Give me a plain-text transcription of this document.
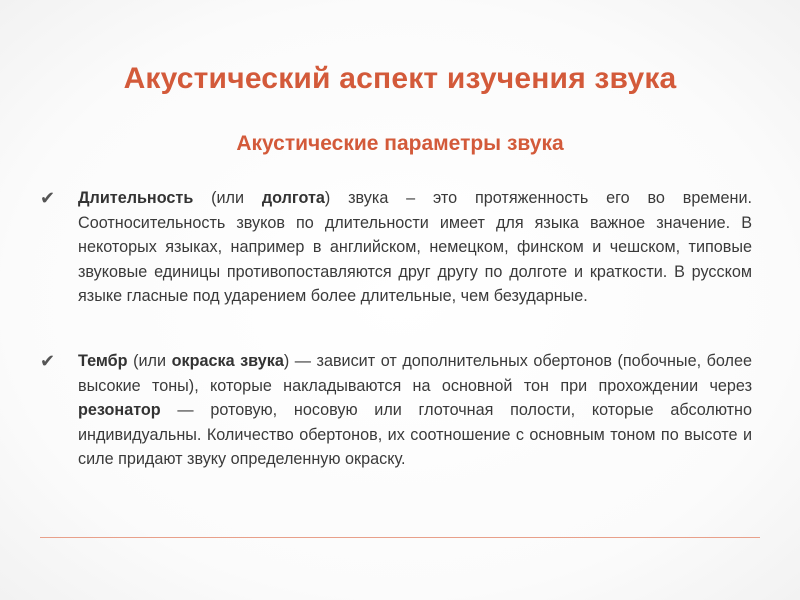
Акустический аспект изучения звука
Акустические параметры звука
✔ Длительность (или долгота) звука – это протяженность его во времени. Соотносительность звуков по длительности имеет для языка важное значение. В некоторых языках, например в английском, немецком, финском и чешском, типовые звуковые единицы противопоставляются друг другу по долготе и краткости. В русском языке гласные под ударением более длительные, чем безударные.
✔ Тембр (или окраска звука) — зависит от дополнительных обертонов (побочные, более высокие тоны), которые накладываются на основной тон при прохождении через резонатор — ротовую, носовую или глоточная полости, которые абсолютно индивидуальны. Количество обертонов, их соотношение с основным тоном по высоте и силе придают звуку определенную окраску.
